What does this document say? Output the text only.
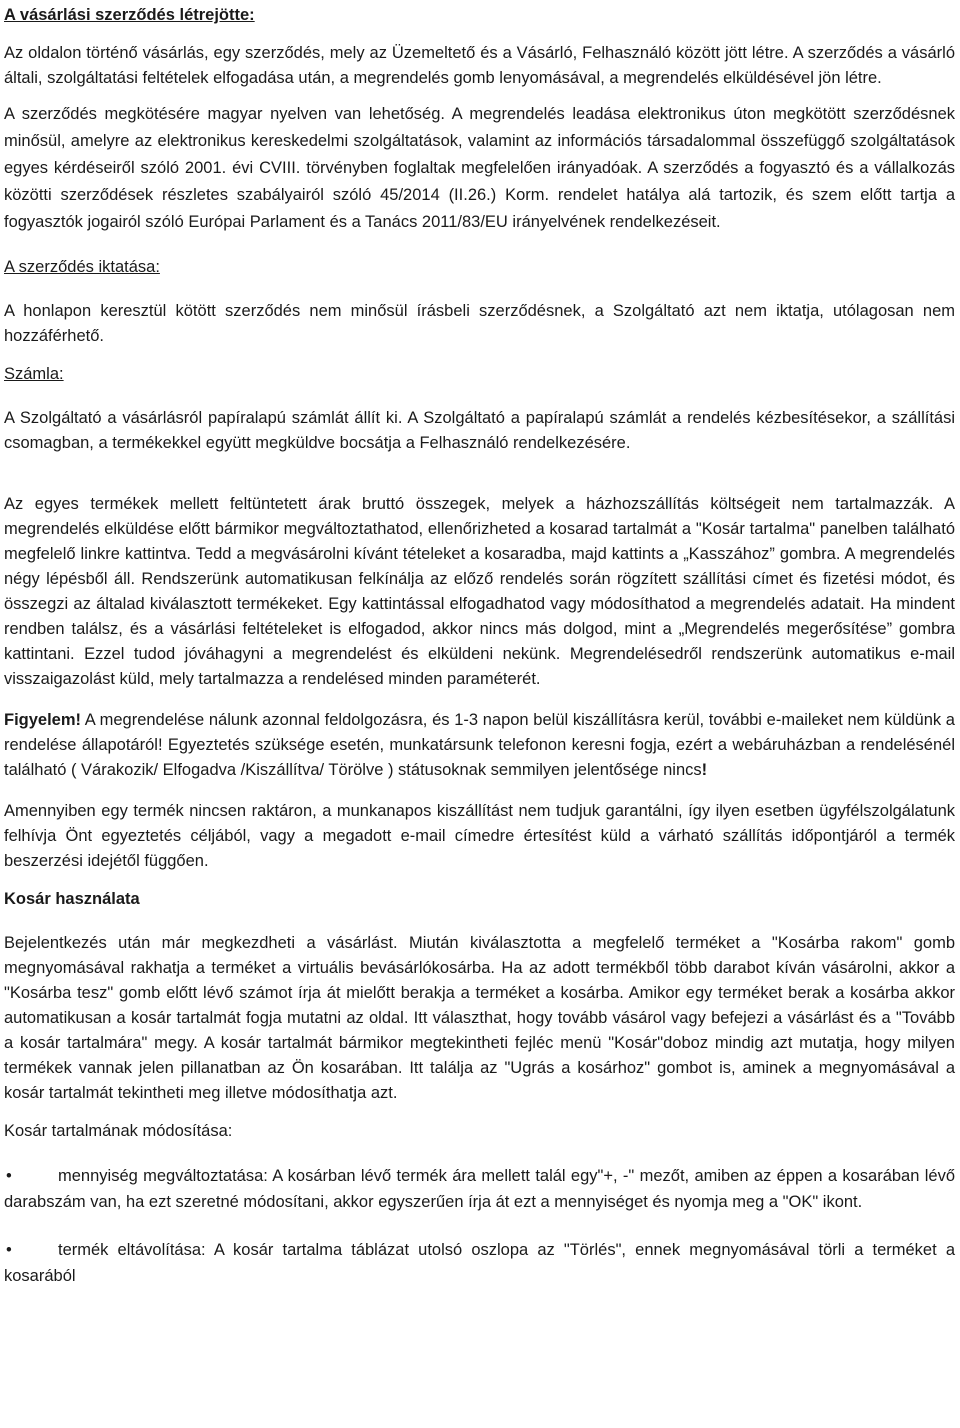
A vásárlási szerződés létrejötte:

Az oldalon történő vásárlás, egy szerződés, mely az Üzemeltető és a Vásárló, Felhasználó között jött létre. A szerződés a vásárló általi, szolgáltatási feltételek elfogadása után, a megrendelés gomb lenyomásával, a megrendelés elküldésével jön létre.

A szerződés megkötésére magyar nyelven van lehetőség. A megrendelés leadása elektronikus úton megkötött szerződésnek minősül, amelyre az elektronikus kereskedelmi szolgáltatások, valamint az információs társadalommal összefüggő szolgáltatások egyes kérdéseiről szóló 2001. évi CVIII. törvényben foglaltak megfelelően irányadóak. A szerződés a fogyasztó és a vállalkozás közötti szerződések részletes szabályairól szóló 45/2014 (II.26.) Korm. rendelet hatálya alá tartozik, és szem előtt tartja a fogyasztók jogairól szóló Európai Parlament és a Tanács 2011/83/EU irányelvének rendelkezéseit.

A szerződés iktatása:

A honlapon keresztül kötött szerződés nem minősül írásbeli szerződésnek, a Szolgáltató azt nem iktatja, utólagosan nem hozzáférhető.

Számla:

A Szolgáltató a vásárlásról papíralapú számlát állít ki. A Szolgáltató a papíralapú számlát a rendelés kézbesítésekor, a szállítási csomagban, a termékekkel együtt megküldve bocsátja a Felhasználó rendelkezésére.

Az egyes termékek mellett feltüntetett árak bruttó összegek, melyek a házhozszállítás költségeit nem tartalmazzák. A megrendelés elküldése előtt bármikor megváltoztathatod, ellenőrizheted a kosarad tartalmát a "Kosár tartalma" panelben található megfelelő linkre kattintva. Tedd a megvásárolni kívánt tételeket a kosaradba, majd kattints a „Kasszához” gombra. A megrendelés négy lépésből áll. Rendszerünk automatikusan felkínálja az előző rendelés során rögzített szállítási címet és fizetési módot, és összegzi az általad kiválasztott termékeket. Egy kattintással elfogadhatod vagy módosíthatod a megrendelés adatait. Ha mindent rendben találsz, és a vásárlási feltételeket is elfogadod, akkor nincs más dolgod, mint a „Megrendelés megerősítése” gombra kattintani. Ezzel tudod jóváhagyni a megrendelést és elküldeni nekünk. Megrendelésedről rendszerünk automatikus e-mail visszaigazolást küld, mely tartalmazza a rendelésed minden paraméterét.

Figyelem! A megrendelése nálunk azonnal feldolgozásra, és 1-3 napon belül kiszállításra kerül, további e-maileket nem küldünk a rendelése állapotáról! Egyeztetés szüksége esetén, munkatársunk telefonon keresni fogja, ezért a webáruházban a rendelésénél található ( Várakozik/ Elfogadva /Kiszállítva/ Törölve ) státusoknak semmilyen jelentősége nincs!

Amennyiben egy termék nincsen raktáron, a munkanapos kiszállítást nem tudjuk garantálni, így ilyen esetben ügyfélszolgálatunk felhívja Önt egyeztetés céljából, vagy a megadott e-mail címedre értesítést küld a várható szállítás időpontjáról a termék beszerzési idejétől függően.

Kosár használata

Bejelentkezés után már megkezdheti a vásárlást. Miután kiválasztotta a megfelelő terméket a "Kosárba rakom" gomb megnyomásával rakhatja a terméket a virtuális bevásárlókosárba. Ha az adott termékből több darabot kíván vásárolni, akkor a "Kosárba tesz" gomb előtt lévő számot írja át mielőtt berakja a terméket a kosárba. Amikor egy terméket berak a kosárba akkor automatikusan a kosár tartalmát fogja mutatni az oldal. Itt választhat, hogy tovább vásárol vagy befejezi a vásárlást és a "Tovább a kosár tartalmára" megy. A kosár tartalmát bármikor megtekintheti fejléc menü "Kosár"doboz mindig azt mutatja, hogy milyen termékek vannak jelen pillanatban az Ön kosarában. Itt találja az "Ugrás a kosárhoz" gombot is, aminek a megnyomásával a kosár tartalmát tekintheti meg illetve módosíthatja azt.

Kosár tartalmának módosítása:

•	mennyiség megváltoztatása: A kosárban lévő termék ára mellett talál egy"+, -" mezőt, amiben az éppen a kosarában lévő darabszám van, ha ezt szeretné módosítani, akkor egyszerűen írja át ezt a mennyiséget és nyomja meg a "OK" ikont.

•	termék eltávolítása: A kosár tartalma táblázat utolsó oszlopa az "Törlés", ennek megnyomásával törli a terméket a kosarából
